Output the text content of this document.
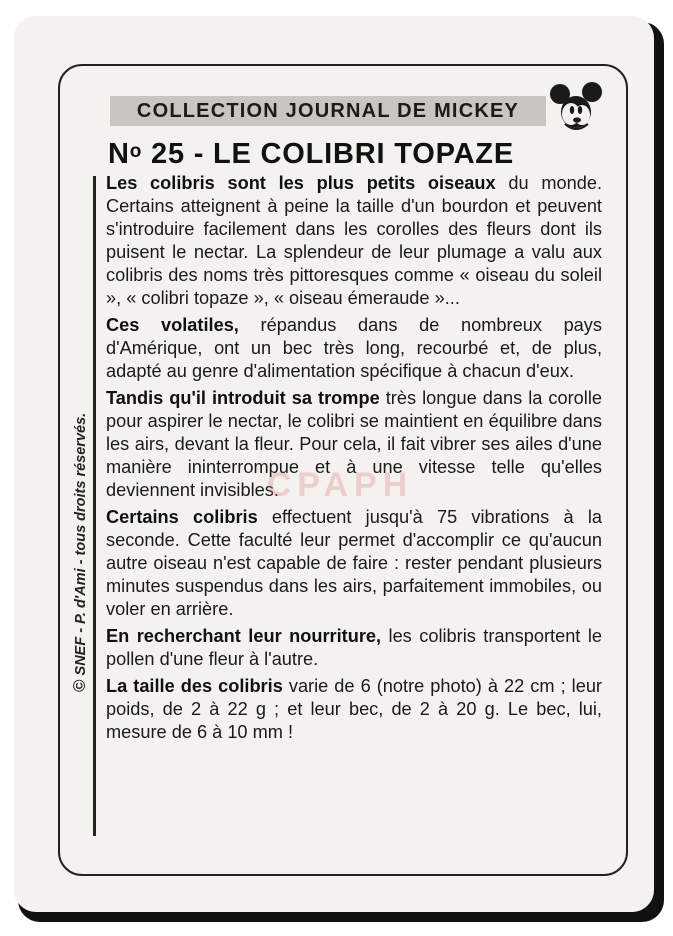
COLLECTION JOURNAL DE MICKEY
$N^o$ 25 - LE COLIBRI TOPAZE
©SNEF - P. d'Ami - tous droits réservés.

Les colibris sont les plus petits oiseaux du monde. Certains atteignent à peine la taille d'un bourdon et peuvent s'introduire facilement dans les corolles des fleurs dont ils puisent le nectar. La splendeur de leur plumage a valu aux colibris des noms très pittoresques comme « oiseau du soleil », « colibri topaze », « oiseau émeraude »...

Ces volatiles, répandus dans de nombreux pays d'Amérique, ont un bec très long, recourbé et, de plus, adapté au genre d'alimentation spécifique à chacun d'eux.

Tandis qu'il introduit sa trompe très longue dans la corolle pour aspirer le nectar, le colibri se maintient en équilibre dans les airs, devant la fleur. Pour cela, il fait vibrer ses ailes d'une manière ininterrompue et à une vitesse telle qu'elles deviennent invisibles.

Certains colibris effectuent jusqu'à 75 vibrations à la seconde. Cette faculté leur permet d'accomplir ce qu'aucun autre oiseau n'est capable de faire : rester pendant plusieurs minutes suspendus dans les airs, parfaitement immobiles, ou voler en arrière.

En recherchant leur nourriture, les colibris transportent le pollen d'une fleur à l'autre.

La taille des colibris varie de 6 (notre photo) à 22 cm ; leur poids, de 2 à 22 g ; et leur bec, de 2 à 20 g. Le bec, lui, mesure de 6 à 10 mm !

CPAPH
